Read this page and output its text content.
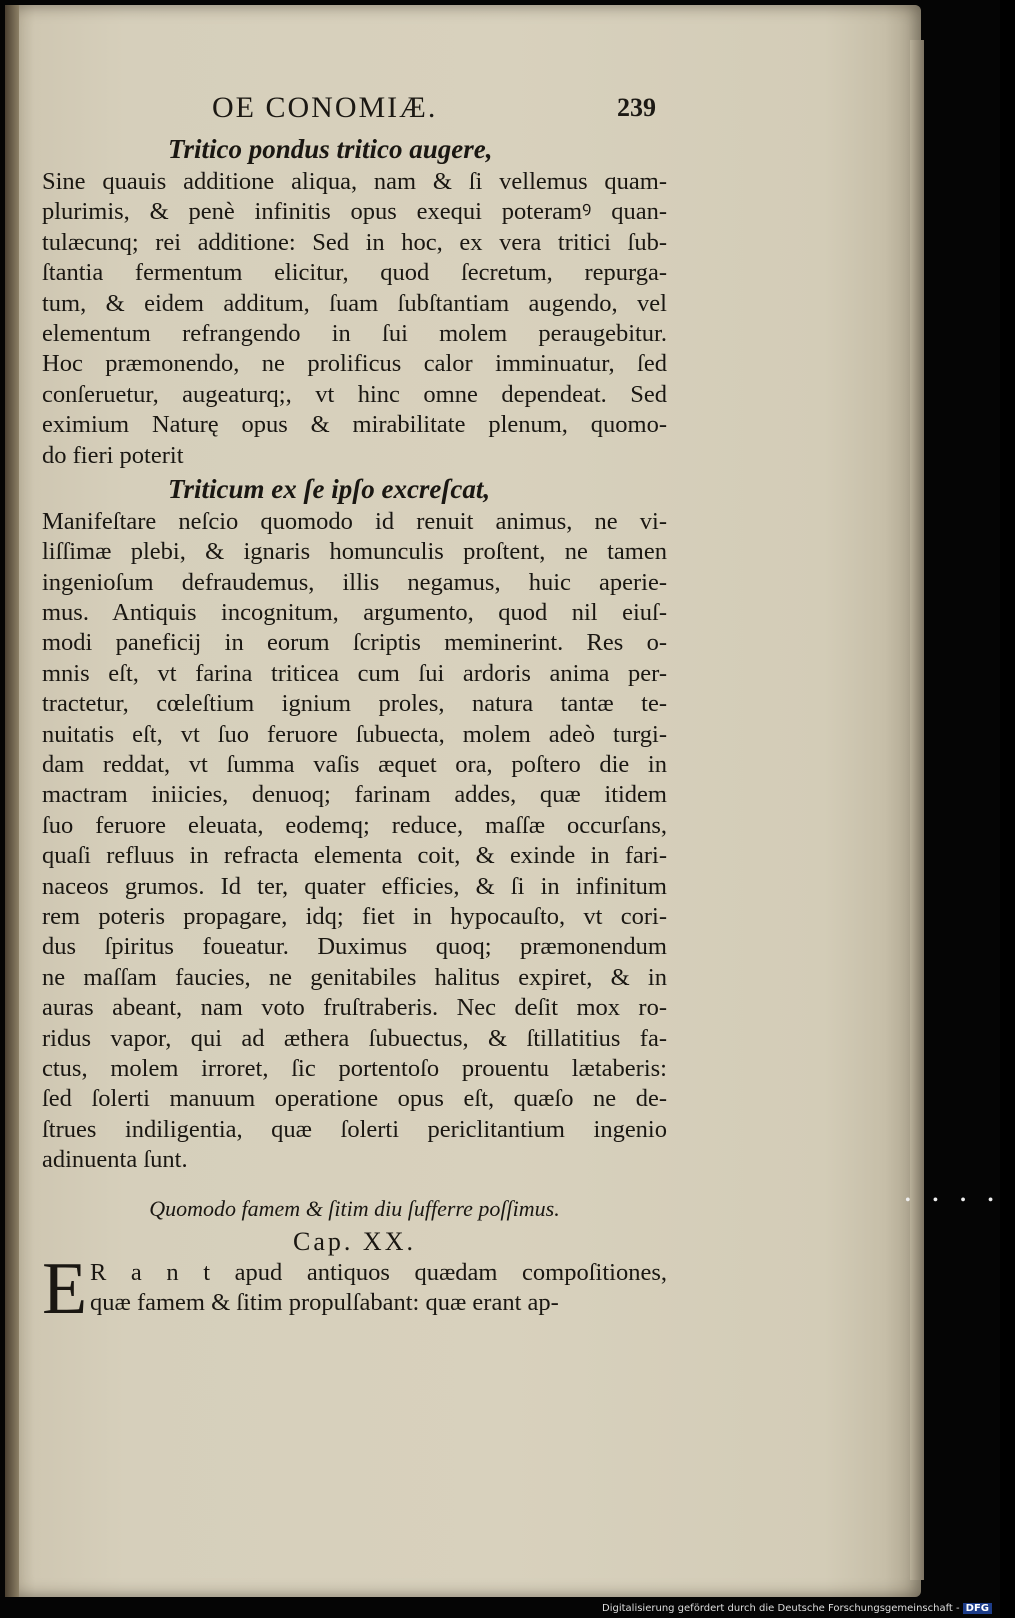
OE CONOMIÆ.	239
Tritico pondus tritico augere,
Sine quauis additione aliqua, nam & ſi vellemus quam-
plurimis, & penè infinitis opus exequi poteramꝰ quan-
tulæcunq; rei additione: Sed in hoc, ex vera tritici ſub-
ſtantia fermentum elicitur, quod ſecretum, repurga-
tum, & eidem additum, ſuam ſubſtantiam augendo, vel
elementum refrangendo in ſui molem peraugebitur.
Hoc præmonendo, ne prolificus calor imminuatur, ſed
conſeruetur, augeaturq;, vt hinc omne dependeat. Sed
eximium Naturę opus & mirabilitate plenum, quomo-
do fieri poterit
Triticum ex ſe ipſo excreſcat,
Manifeſtare neſcio quomodo id renuit animus, ne vi-
liſſimæ plebi, & ignaris homunculis proſtent, ne tamen
ingenioſum defraudemus, illis negamus, huic aperie-
mus. Antiquis incognitum, argumento, quod nil eiuſ-
modi paneficij in eorum ſcriptis meminerint. Res o-
mnis eſt, vt farina triticea cum ſui ardoris anima per-
tractetur, cœleſtium ignium proles, natura tantæ te-
nuitatis eſt, vt ſuo feruore ſubuecta, molem adeò turgi-
dam reddat, vt ſumma vaſis æquet ora, poſtero die in
mactram iniicies, denuoq; farinam addes, quæ itidem
ſuo feruore eleuata, eodemq; reduce, maſſæ occurſans,
quaſi refluus in refracta elementa coit, & exinde in fari-
naceos grumos. Id ter, quater efficies, & ſi in infinitum
rem poteris propagare, idq; fiet in hypocauſto, vt cori-
dus ſpiritus foueatur. Duximus quoq; præmonendum
ne maſſam faucies, ne genitabiles halitus expiret, & in
auras abeant, nam voto fruſtraberis. Nec deſit mox ro-
ridus vapor, qui ad æthera ſubuectus, & ſtillatitius fa-
ctus, molem irroret, ſic portentoſo prouentu lætaberis:
ſed ſolerti manuum operatione opus eſt, quæſo ne de-
ſtrues indiligentia, quæ ſolerti periclitantium ingenio
adinuenta ſunt.
Quomodo famem & ſitim diu ſufferre poſſimus.
Cap. XX.
E R a n t apud antiquos quædam compoſitiones,
quæ famem & ſitim propulſabant: quæ erant ap-
••••
Digitalisierung gefördert durch die Deutsche Forschungsgemeinschaft - DFG
